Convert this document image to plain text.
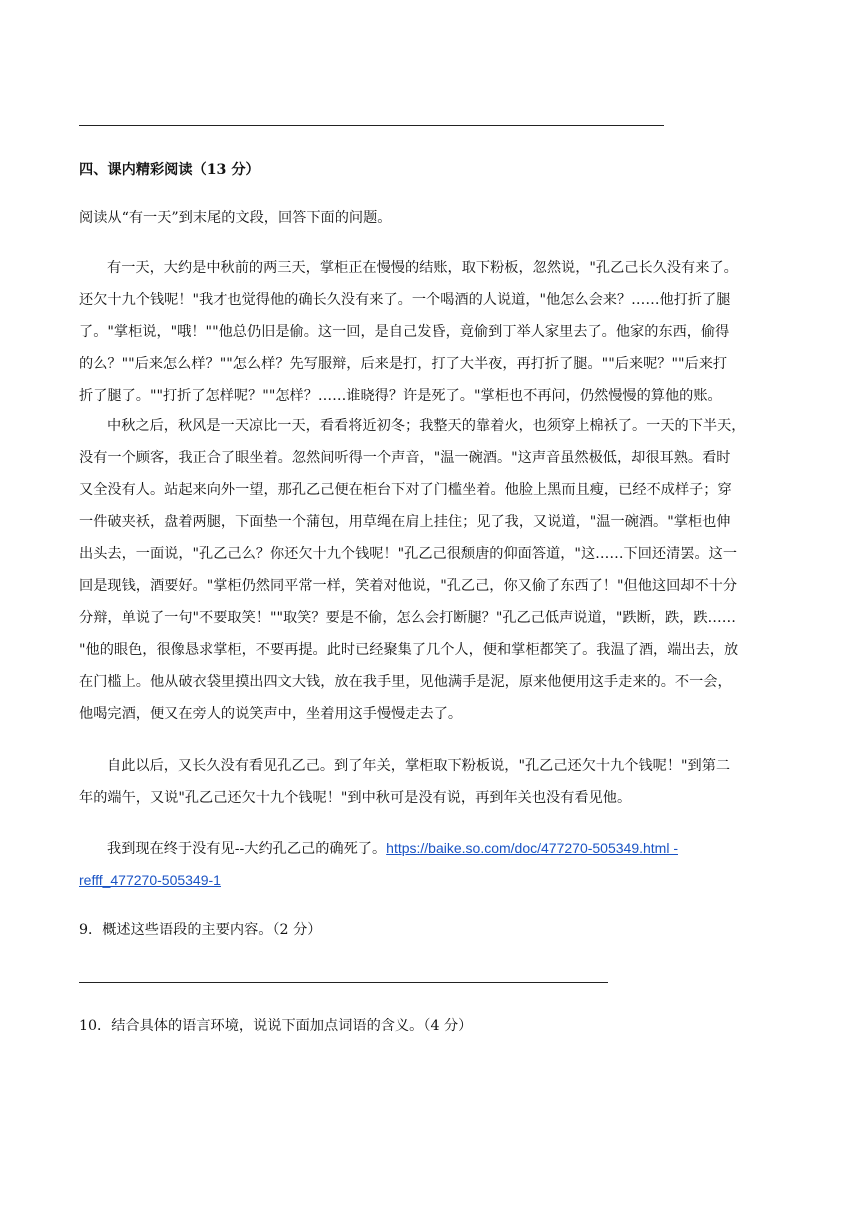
四、课内精彩阅读（13 分）
阅读从“有一天”到末尾的文段，回答下面的问题。
有一天，大约是中秋前的两三天，掌柜正在慢慢的结账，取下粉板，忽然说，"孔乙己长久没有来了。
还欠十九个钱呢！"我才也觉得他的确长久没有来了。一个喝酒的人说道，"他怎么会来？……他打折了腿
了。"掌柜说，"哦！""他总仍旧是偷。这一回，是自己发昏，竟偷到丁举人家里去了。他家的东西，偷得
的么？""后来怎么样？""怎么样？先写服辩，后来是打，打了大半夜，再打折了腿。""后来呢？""后来打
折了腿了。""打折了怎样呢？""怎样？……谁晓得？许是死了。"掌柜也不再问，仍然慢慢的算他的账。
中秋之后，秋风是一天凉比一天，看看将近初冬；我整天的靠着火，也须穿上棉袄了。一天的下半天，
没有一个顾客，我正合了眼坐着。忽然间听得一个声音，"温一碗酒。"这声音虽然极低，却很耳熟。看时
又全没有人。站起来向外一望，那孔乙己便在柜台下对了门槛坐着。他脸上黑而且瘦，已经不成样子；穿
一件破夹袄，盘着两腿，下面垫一个蒲包，用草绳在肩上挂住；见了我，又说道，"温一碗酒。"掌柜也伸
出头去，一面说，"孔乙己么？你还欠十九个钱呢！"孔乙己很颓唐的仰面答道，"这……下回还清罢。这一
回是现钱，酒要好。"掌柜仍然同平常一样，笑着对他说，"孔乙己，你又偷了东西了！"但他这回却不十分
分辩，单说了一句"不要取笑！""取笑？要是不偷，怎么会打断腿？"孔乙己低声说道，"跌断，跌，跌……
"他的眼色，很像恳求掌柜，不要再提。此时已经聚集了几个人，便和掌柜都笑了。我温了酒，端出去，放
在门槛上。他从破衣袋里摸出四文大钱，放在我手里，见他满手是泥，原来他便用这手走来的。不一会，
他喝完酒，便又在旁人的说笑声中，坐着用这手慢慢走去了。
自此以后，又长久没有看见孔乙己。到了年关，掌柜取下粉板说，"孔乙己还欠十九个钱呢！"到第二
年的端午，又说"孔乙己还欠十九个钱呢！"到中秋可是没有说，再到年关也没有看见他。
我到现在终于没有见--大约孔乙己的确死了。https://baike.so.com/doc/477270-505349.html -
refff_477270-505349-1
9．概述这些语段的主要内容。（2 分）
10．结合具体的语言环境，说说下面加点词语的含义。（4 分）
